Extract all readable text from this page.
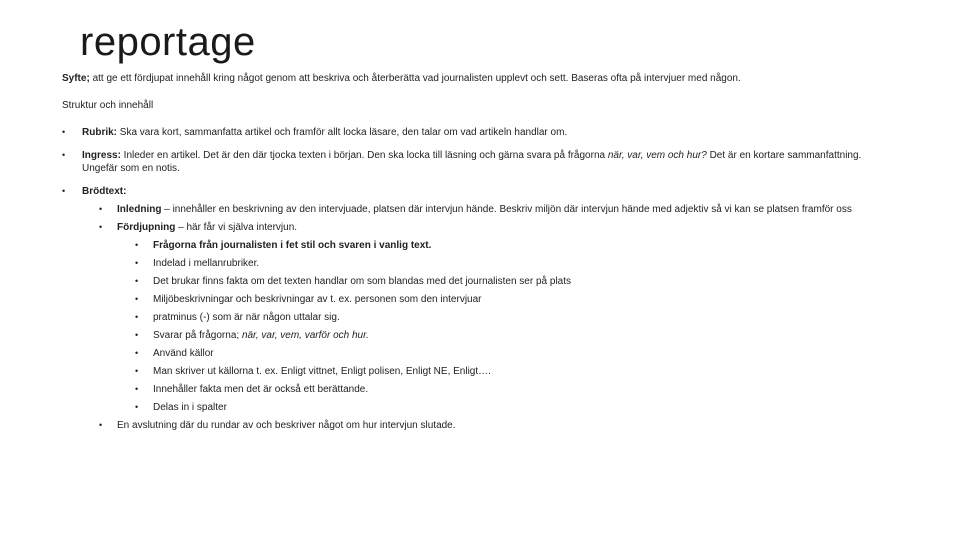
reportage

Syfte; att ge ett fördjupat innehåll kring något genom att beskriva och återberätta vad journalisten upplevt och sett. Baseras ofta på intervjuer med någon.

Struktur och innehåll

• Rubrik: Ska vara kort, sammanfatta artikel och framför allt locka läsare, den talar om vad artikeln handlar om.
• Ingress: Inleder en artikel. Det är den där tjocka texten i början. Den ska locka till läsning och gärna svara på frågorna när, var, vem och hur? Det är en kortare sammanfattning. Ungefär som en notis.
• Brödtext:
• Inledning – innehåller en beskrivning av den intervjuade, platsen där intervjun hände. Beskriv miljön där intervjun hände med adjektiv så vi kan se platsen framför oss
• Fördjupning – här får vi själva intervjun.
• Frågorna från journalisten i fet stil och svaren i vanlig text.
• Indelad i mellanrubriker.
• Det brukar finns fakta om det texten handlar om som blandas med det journalisten ser på plats
• Miljöbeskrivningar och beskrivningar av t. ex. personen som den intervjuar
• pratminus (-) som är när någon uttalar sig.
• Svarar på frågorna; när, var, vem, varför och hur.
• Använd källor
• Man skriver ut källorna t. ex. Enligt vittnet, Enligt polisen, Enligt NE, Enligt….
• Innehåller fakta men det är också ett berättande.
• Delas in i spalter
• En avslutning där du rundar av och beskriver något om hur intervjun slutade.
